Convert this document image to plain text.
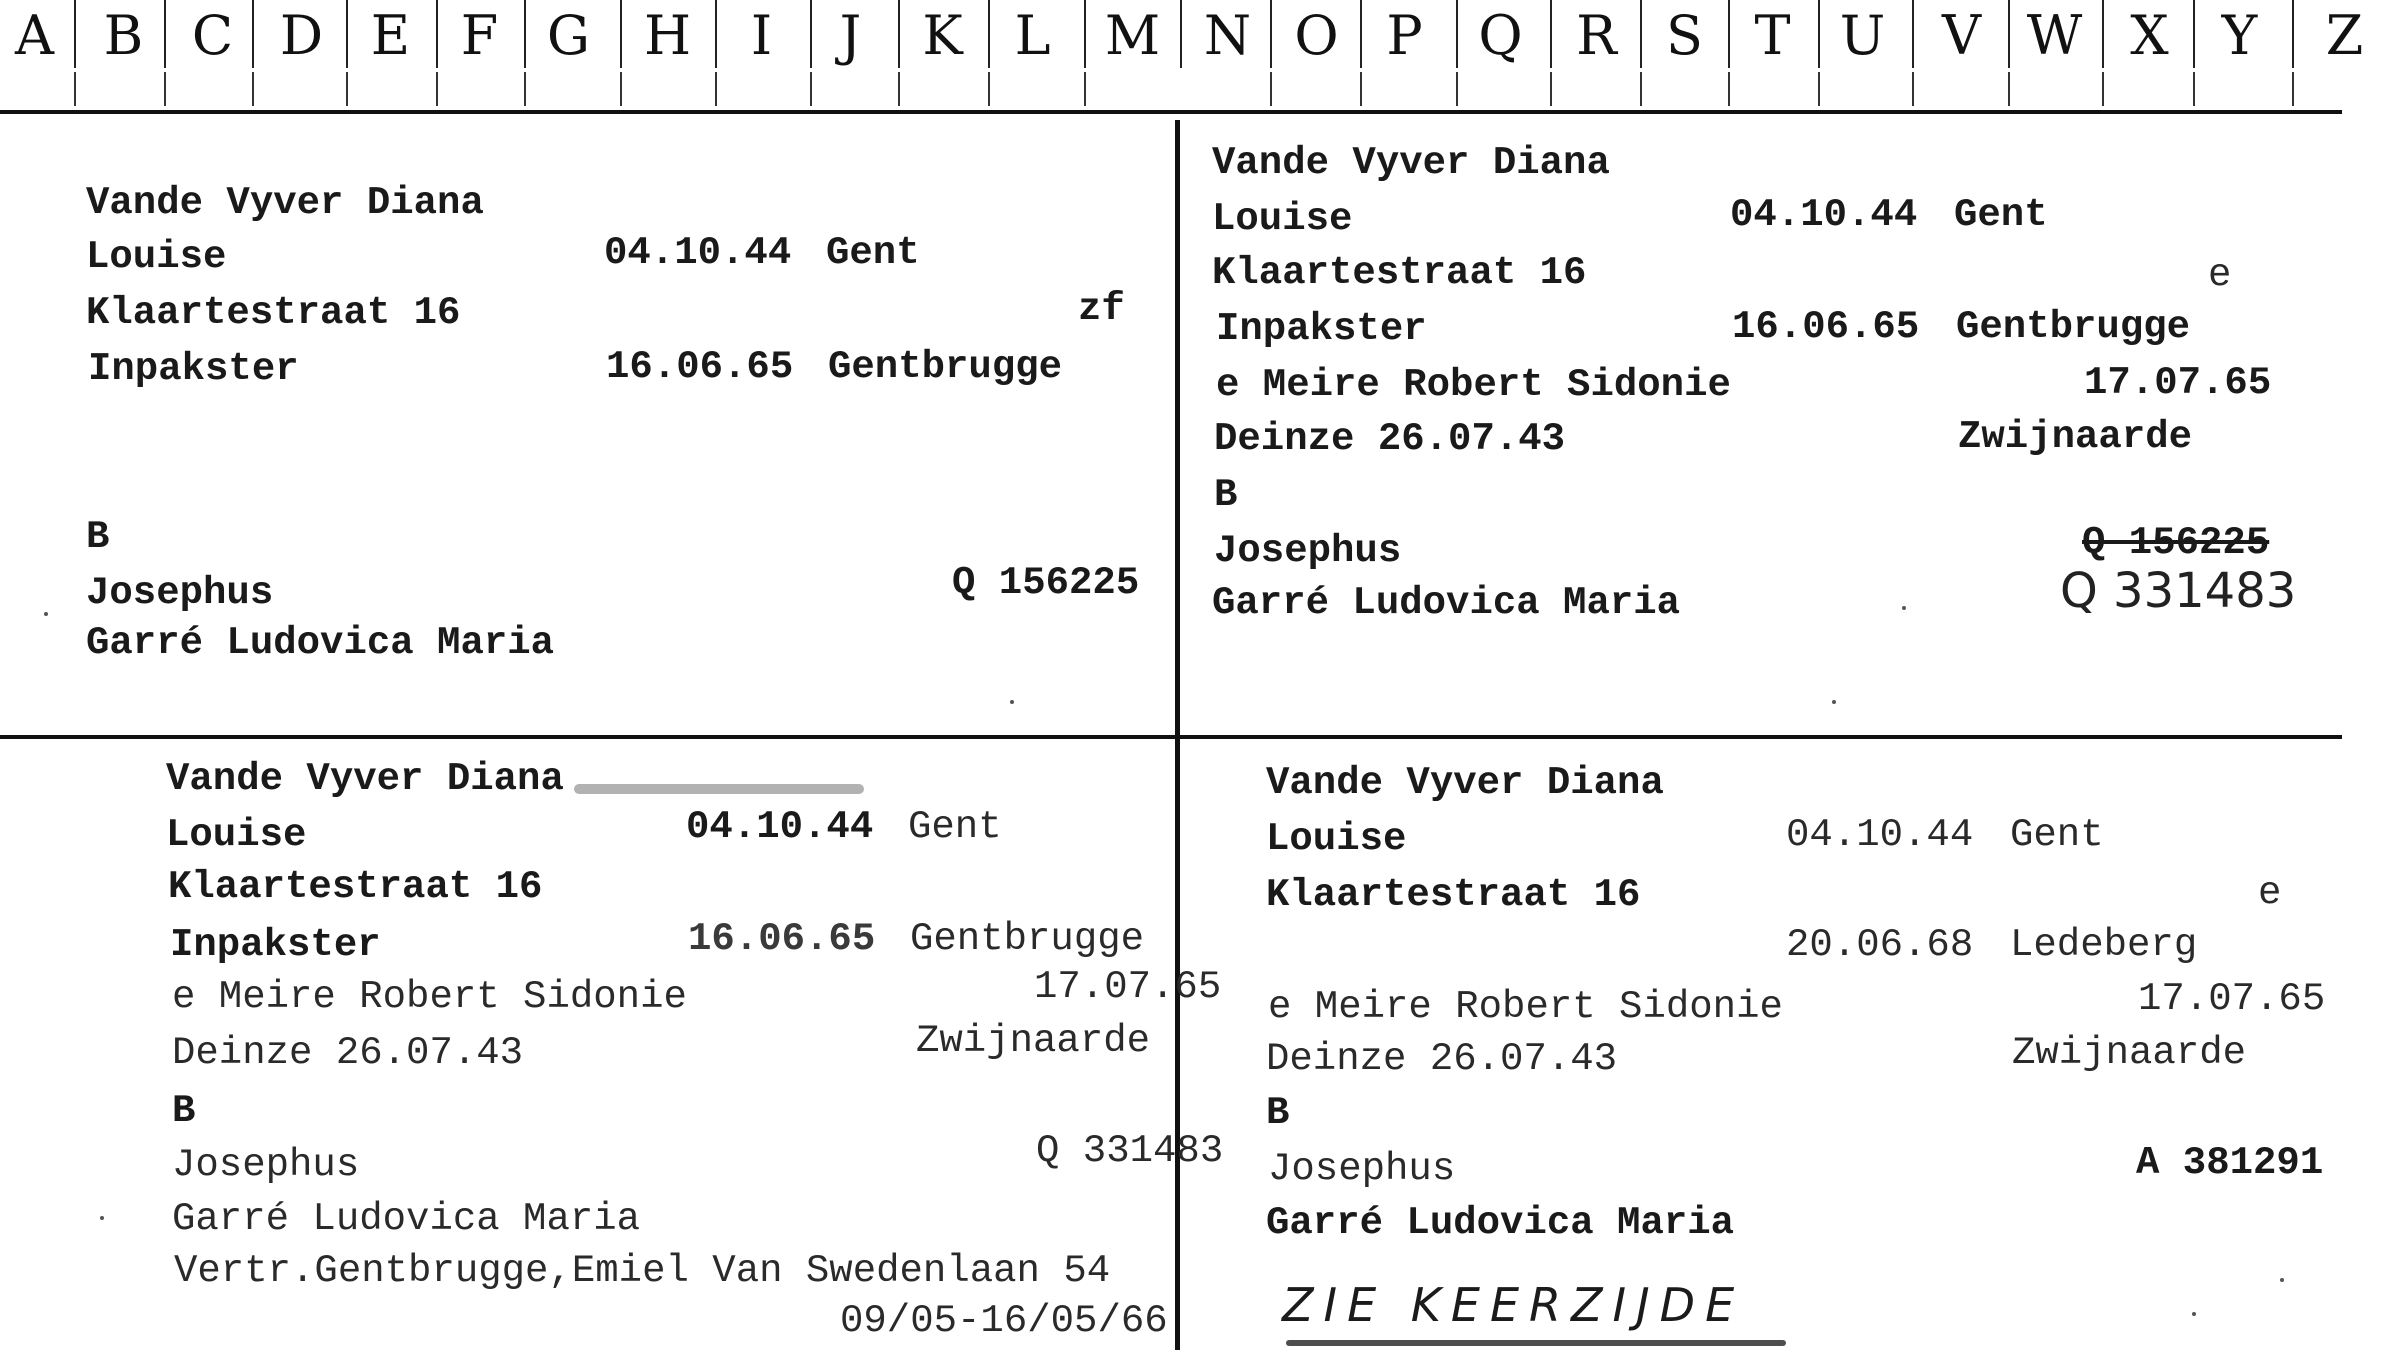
A B C D E F G H	I	J	K L	M N O P	Q R S T U	V W X Y	Z
Vande Vyver Diana
Louise	04.10.44 Gent
Klaartestraat 16	zf
Inpakster	16.06.65 Gentbrugge
B
Josephus	Q 156225
Garré Ludovica Maria
Vande Vyver Diana
Louise	04.10.44 Gent
Klaartestraat 16	e
Inpakster	16.06.65 Gentbrugge
e Meire Robert Sidonie	17.07.65
Deinze 26.07.43	Zwijnaarde
B
Josephus	Q 156225
Garré Ludovica Maria	Q 331483
Vande Vyver Diana
Louise	04.10.44 Gent
Klaartestraat 16
Inpakster	16.06.65 Gentbrugge
e Meire Robert Sidonie	17.07.65
Deinze 26.07.43	Zwijnaarde
B
Josephus	Q 331483
Garré Ludovica Maria
Vertr.Gentbrugge,Emiel Van Swedenlaan 54
09/05-16/05/66
Vande Vyver Diana
Louise	04.10.44 Gent
Klaartestraat 16	e
20.06.68 Ledeberg
e Meire Robert Sidonie	17.07.65
Deinze 26.07.43	Zwijnaarde
B
Josephus	A 381291
Garré Ludovica Maria
ZIE KEERZIJDE
